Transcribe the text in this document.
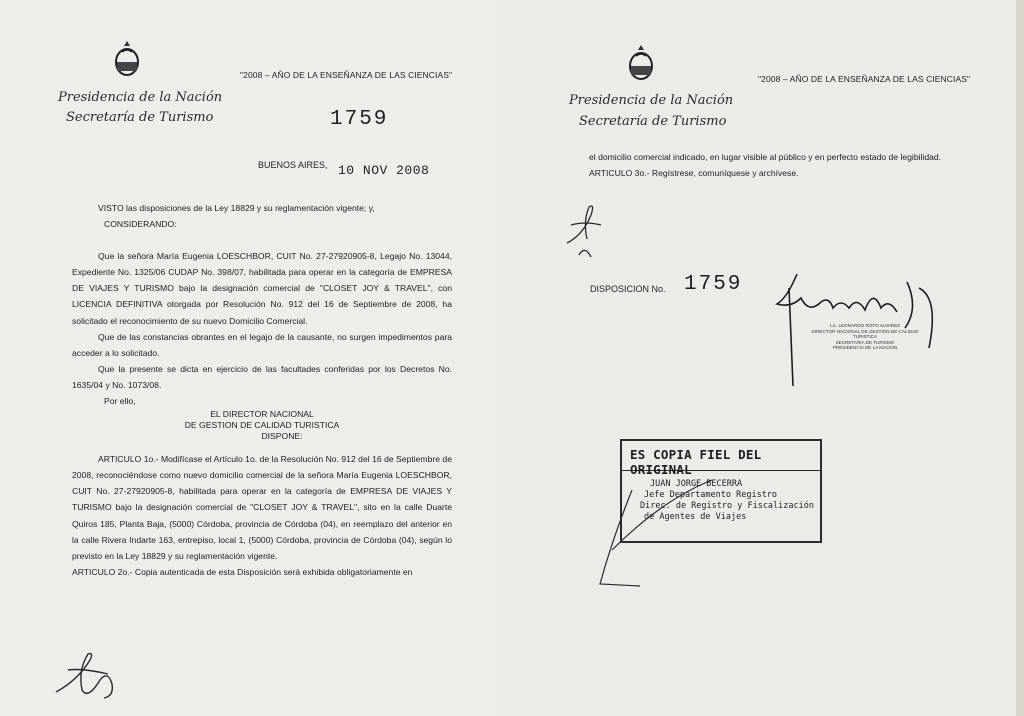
"2008 – AÑO DE LA ENSEÑANZA DE LAS CIENCIAS"
Presidencia de la Nación
Secretaría de Turismo	1759
BUENOS AIRES, 10 NOV 2008

VISTO las disposiciones de la Ley 18829 y su reglamentación vigente; y,

CONSIDERANDO:

Que la señora María Eugenia LOESCHBOR, CUIT No. 27-27920905-8, Legajo No. 13044, Expediente No. 1325/06 CUDAP No. 398/07, habilitada para operar en la categoría de EMPRESA DE VIAJES Y TURISMO bajo la designación comercial de "CLOSET JOY & TRAVEL", con LICENCIA DEFINITIVA otorgada por Resolución No. 912 del 16 de Septiembre de 2008, ha solicitado el reconocimiento de su nuevo Domicilio Comercial.

Que de las constancias obrantes en el legajo de la causante, no surgen impedimentos para acceder a lo solicitado.

Que la presente se dicta en ejercicio de las facultades conferidas por los Decretos No. 1635/04 y No. 1073/08.

Por ello,

EL DIRECTOR NACIONAL

DE GESTION DE CALIDAD TURISTICA

DISPONE:

ARTICULO 1o.- Modifícase el Artículo 1o. de la Resolución No. 912 del 16 de Septiembre de 2008, reconociéndose como nuevo domicilio comercial de la señora María Eugenia LOESCHBOR, CUIT No. 27-27920905-8, habilitada para operar en la categoría de EMPRESA DE VIAJES Y TURISMO bajo la designación comercial de "CLOSET JOY & TRAVEL", sito en la calle Duarte Quiros 185, Planta Baja, (5000) Córdoba, provincia de Córdoba (04), en reemplazo del anterior en la calle Rivera Indarte 163, entrepiso, local 1, (5000) Córdoba, provincia de Córdoba (04), según lo previsto en la Ley 18829 y su reglamentación vigente.

ARTICULO 2o.- Copia autenticada de esta Disposición será exhibida obligatoriamente en

"2008 – AÑO DE LA ENSEÑANZA DE LAS CIENCIAS"
Presidencia de la Nación
Secretaría de Turismo

el domicilio comercial indicado, en lugar visible al público y en perfecto estado de legibilidad.

ARTICULO 3o.- Regístrese, comuníquese y archívese.

DISPOSICION No. 1759
Lic. LEONARDO ROTO ALVAREZ
DIRECTOR NACIONAL DE GESTION DE CALIDAD TURISTICA
SECRETARIA DE TURISMO
PRESIDENCIA DE LA NACION
ES COPIA FIEL DEL ORIGINAL
JUAN JORGE BECERRA
Jefe Departamento Registro
Direc. de Registro y Fiscalización
de Agentes de Viajes
